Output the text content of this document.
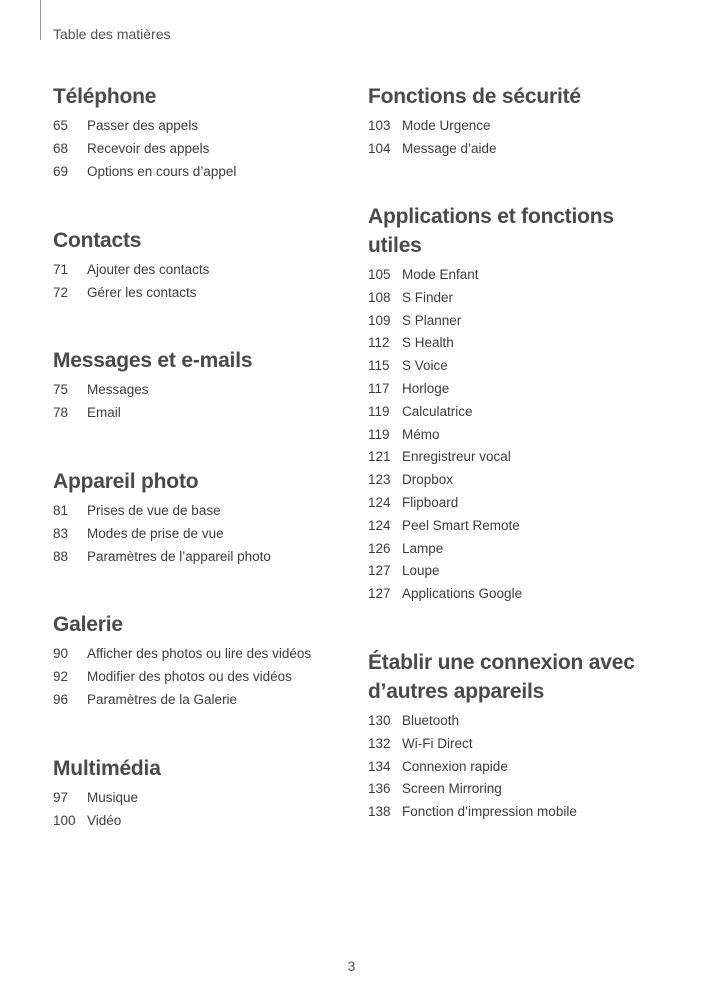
Table des matières
Téléphone
65	Passer des appels
68	Recevoir des appels
69	Options en cours d’appel
Contacts
71	Ajouter des contacts
72	Gérer les contacts
Messages et e-mails
75	Messages
78	Email
Appareil photo
81	Prises de vue de base
83	Modes de prise de vue
88	Paramètres de l’appareil photo
Galerie
90	Afficher des photos ou lire des vidéos
92	Modifier des photos ou des vidéos
96	Paramètres de la Galerie
Multimédia
97	Musique
100 Vidéo
Fonctions de sécurité
103 Mode Urgence
104 Message d’aide
Applications et fonctions utiles
105 Mode Enfant
108 S Finder
109 S Planner
112 S Health
115 S Voice
117 Horloge
119 Calculatrice
119 Mémo
121 Enregistreur vocal
123 Dropbox
124 Flipboard
124 Peel Smart Remote
126 Lampe
127 Loupe
127 Applications Google
Établir une connexion avec d’autres appareils
130 Bluetooth
132 Wi-Fi Direct
134 Connexion rapide
136 Screen Mirroring
138 Fonction d’impression mobile
3
